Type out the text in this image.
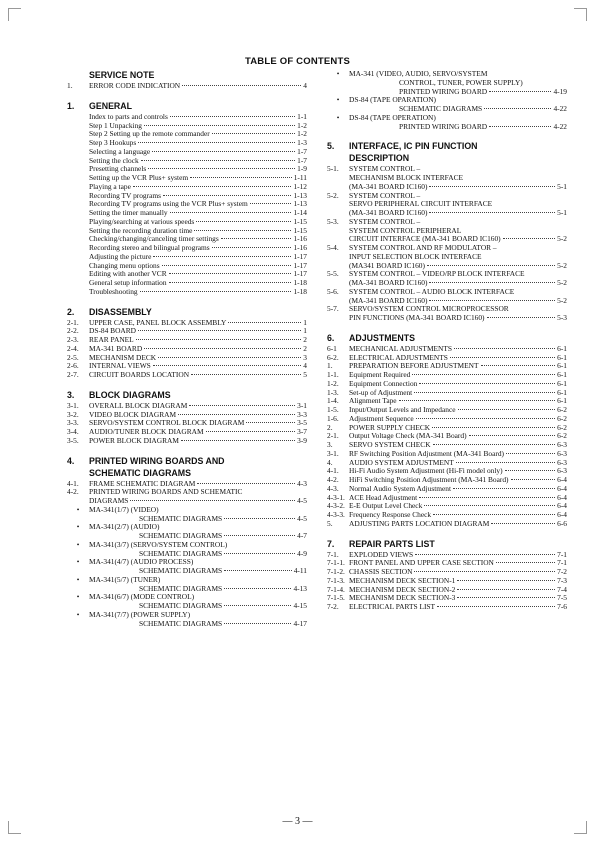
TABLE OF CONTENTS
SERVICE NOTE
1.	ERROR CODE INDICATION	4
1.	GENERAL
Index to parts and controls	1-1
Step 1 Unpacking	1-2
Step 2 Setting up the remote commander	1-2
Step 3 Hookups	1-3
Selecting a language	1-7
Setting the clock	1-7
Presetting channels	1-9
Setting up the VCR Plus+ system	1-11
Playing a tape	1-12
Recording TV programs	1-13
Recording TV programs using the VCR Plus+ system	1-13
Setting the timer manually	1-14
Playing/searching at various speeds	1-15
Setting the recording duration time	1-15
Checking/changing/canceling timer settings	1-16
Recording stereo and bilingual programs	1-16
Adjusting the picture	1-17
Changing menu options	1-17
Editing with another VCR	1-17
General setup information	1-18
Troubleshooting	1-18
2.	DISASSEMBLY
2-1.	UPPER CASE, PANEL BLOCK ASSEMBLY	1
2-2.	DS-84 BOARD	1
2-3.	REAR PANEL	2
2-4.	MA-341 BOARD	2
2-5.	MECHANISM DECK	3
2-6.	INTERNAL VIEWS	4
2-7.	CIRCUIT BOARDS LOCATION	5
3.	BLOCK DIAGRAMS
3-1.	OVERALL BLOCK DIAGRAM	3-1
3-2.	VIDEO BLOCK DIAGRAM	3-3
3-3.	SERVO/SYSTEM CONTROL BLOCK DIAGRAM	3-5
3-4.	AUDIO/TUNER BLOCK DIAGRAM	3-7
3-5.	POWER BLOCK DIAGRAM	3-9
4.	PRINTED WIRING BOARDS AND
SCHEMATIC DIAGRAMS
4-1.	FRAME SCHEMATIC DIAGRAM	4-3
4-2.	PRINTED WIRING BOARDS AND SCHEMATIC
DIAGRAMS	4-5
•	MA-341(1/7) (VIDEO)
SCHEMATIC DIAGRAMS	4-5
•	MA-341(2/7) (AUDIO)
SCHEMATIC DIAGRAMS	4-7
•	MA-341(3/7) (SERVO/SYSTEM CONTROL)
SCHEMATIC DIAGRAMS	4-9
•	MA-341(4/7) (AUDIO PROCESS)
SCHEMATIC DIAGRAMS	4-11
•	MA-341(5/7) (TUNER)
SCHEMATIC DIAGRAMS	4-13
•	MA-341(6/7) (MODE CONTROL)
SCHEMATIC DIAGRAMS	4-15
•	MA-341(7/7) (POWER SUPPLY)
SCHEMATIC DIAGRAMS	4-17
•	MA-341 (VIDEO, AUDIO, SERVO/SYSTEM
CONTROL, TUNER, POWER SUPPLY)
PRINTED WIRING BOARD	4-19
•	DS-84 (TAPE OPARATION)
SCHEMATIC DIAGRAMS	4-22
•	DS-84 (TAPE OPERATION)
PRINTED WIRING BOARD	4-22
5.	INTERFACE, IC PIN FUNCTION
DESCRIPTION
5-1.	SYSTEM CONTROL –
MECHANISM BLOCK INTERFACE
(MA-341 BOARD IC160)	5-1
5-2.	SYSTEM CONTROL –
SERVO PERIPHERAL CIRCUIT INTERFACE
(MA-341 BOARD IC160)	5-1
5-3.	SYSTEM CONTROL –
SYSTEM CONTROL PERIPHERAL
CIRCUIT INTERFACE (MA-341 BOARD IC160)	5-2
5-4.	SYSTEM CONTROL AND RF MODULATOR –
INPUT SELECTION BLOCK INTERFACE
(MA341 BOARD IC160)	5-2
5-5.	SYSTEM CONTROL – VIDEO/RP BLOCK INTERFACE
(MA-341 BOARD IC160)	5-2
5-6.	SYSTEM CONTROL – AUDIO BLOCK INTERFACE
(MA-341 BOARD IC160)	5-2
5-7.	SERVO/SYSTEM CONTROL MICROPROCESSOR
PIN FUNCTIONS (MA-341 BOARD IC160)	5-3
6.	ADJUSTMENTS
6-1	MECHANICAL ADJUSTMENTS	6-1
6-2.	ELECTRICAL ADJUSTMENTS	6-1
1.	PREPARATION BEFORE ADJUSTMENT	6-1
1-1.	Equipment Required	6-1
1-2.	Equipment Connection	6-1
1-3.	Set-up of Adjustment	6-1
1-4.	Alignment Tape	6-1
1-5.	Input/Output Levels and Impedance	6-2
1-6.	Adjustment Sequence	6-2
2.	POWER SUPPLY CHECK	6-2
2-1.	Output Voltage Check (MA-341 Board)	6-2
3.	SERVO SYSTEM CHECK	6-3
3-1.	RF Switching Position Adjustment (MA-341 Board)	6-3
4.	AUDIO SYSTEM ADJUSTMENT	6-3
4-1.	Hi-Fi Audio System Adjustment (Hi-Fi model only)	6-3
4-2.	HiFi Switching Position Adjustment (MA-341 Board)	6-4
4-3.	Normal Audio System Adjustment	6-4
4-3-1. ACE Head Adjustment	6-4
4-3-2. E-E Output Level Check	6-4
4-3-3. Frequency Response Check	6-4
5.	ADJUSTING PARTS LOCATION DIAGRAM	6-6
7.	REPAIR PARTS LIST
7-1.	EXPLODED VIEWS	7-1
7-1-1. FRONT PANEL AND UPPER CASE SECTION	7-1
7-1-2. CHASSIS SECTION	7-2
7-1-3. MECHANISM DECK SECTION-1	7-3
7-1-4. MECHANISM DECK SECTION-2	7-4
7-1-5. MECHANISM DECK SECTION-3	7-5
7-2.	ELECTRICAL PARTS LIST	7-6
— 3 —
